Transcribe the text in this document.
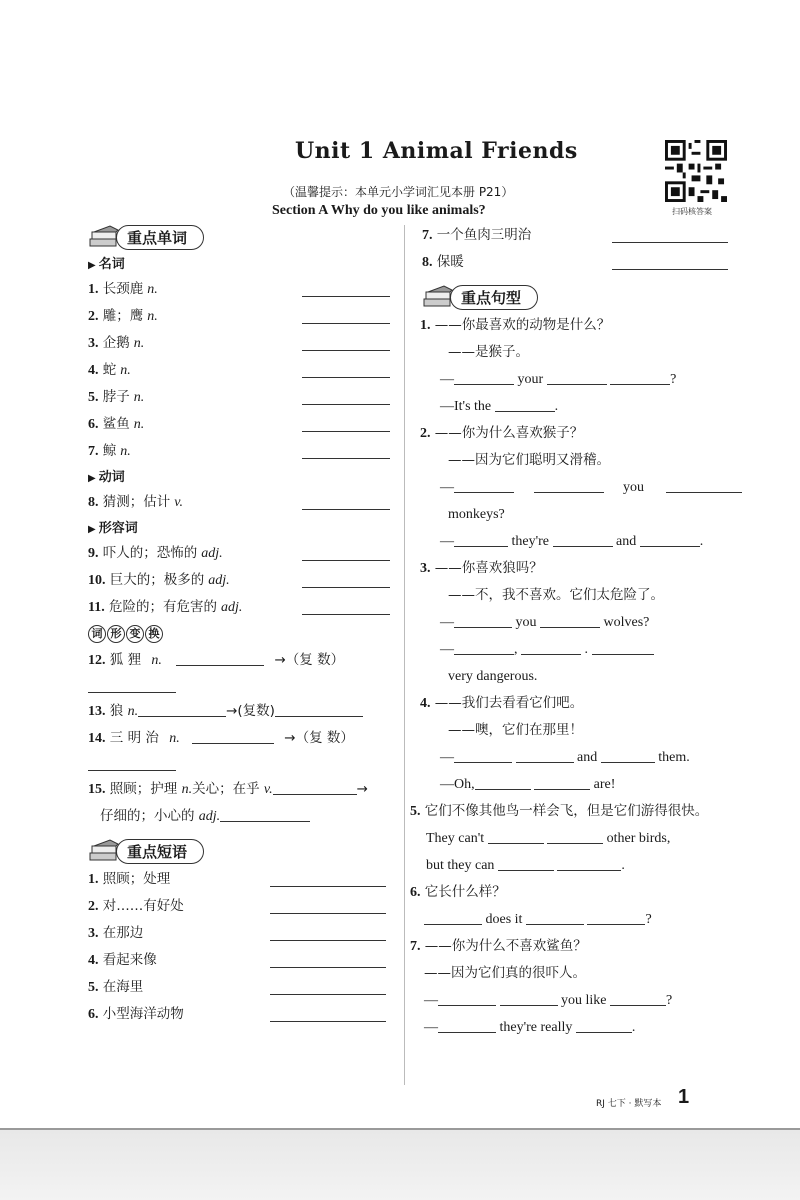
Unit 1 Animal Friends
（温馨提示：本单元小学词汇见本册 P21）
Section A Why do you like animals?	扫码核答案
重点单词
▶ 名词
1. 长颈鹿 n.
2. 雕；鹰 n.
3. 企鹅 n.
4. 蛇 n.
5. 脖子 n.
6. 鲨鱼 n.
7. 鲸 n.
▶ 动词
8. 猜测；估计 v.
▶ 形容词
9. 吓人的；恐怖的 adj.
10. 巨大的；极多的 adj.
11. 危险的；有危害的 adj.
词 形 变 换
12. 狐 狸 n.	→（复 数）
13. 狼 n.	→(复数)
14. 三 明 治 n.	→（复 数）
15. 照顾；护理 n.关心；在乎 v.	→
仔细的；小心的 adj.
重点短语
1. 照顾；处理
2. 对……有好处
3. 在那边
4. 看起来像
5. 在海里
6. 小型海洋动物
7. 一个鱼肉三明治
8. 保暖
重点句型
1. ——你最喜欢的动物是什么？
——是猴子。
—	your	?
—It's the	.
2. ——你为什么喜欢猴子？
——因为它们聪明又滑稽。
—	you
monkeys?
—	they're	and	.
3. ——你喜欢狼吗？
——不，我不喜欢。它们太危险了。
—	you	wolves?
—	,	.
very dangerous.
4. ——我们去看看它们吧。
——噢，它们在那里！
—	and	them.
—Oh,	are!
5. 它们不像其他鸟一样会飞，但是它们游得很快。
They can't	other birds,
but they can	.
6. 它长什么样？
does it	?
7. ——你为什么不喜欢鲨鱼？
——因为它们真的很吓人。
—	you like	?
—	they're really	.
RJ 七下 · 默写本 1
